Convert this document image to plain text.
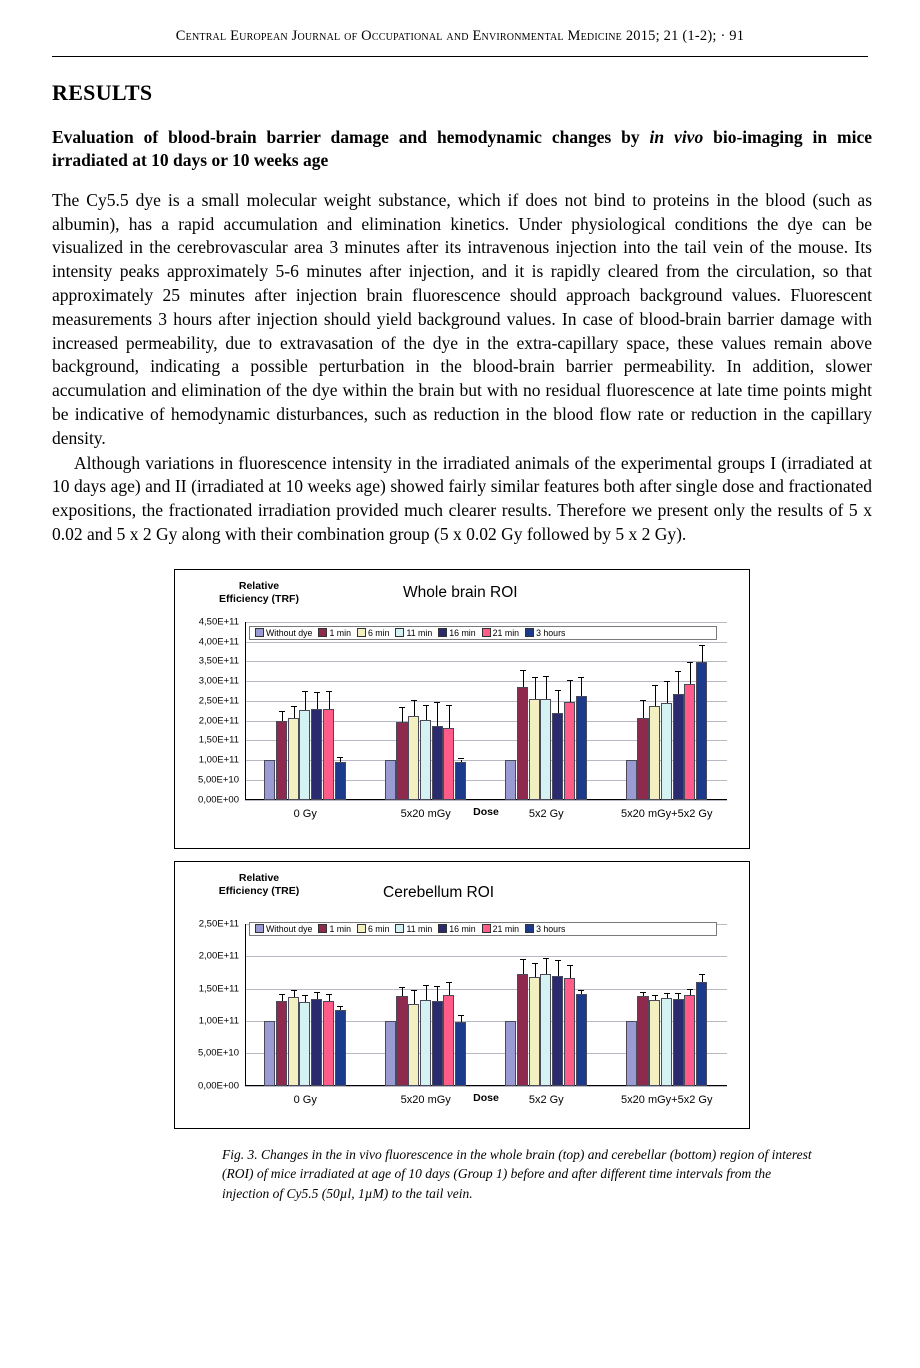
Central European Journal of Occupational and Environmental Medicine 2015; 21 (1-2); · 91
RESULTS
Evaluation of blood-brain barrier damage and hemodynamic changes by in vivo bio-imaging in mice irradiated at 10 days or 10 weeks age

The Cy5.5 dye is a small molecular weight substance, which if does not bind to proteins in the blood (such as albumin), has a rapid accumulation and elimination kinetics. Under physiological conditions the dye can be visualized in the cerebrovascular area 3 minutes after its intravenous injection into the tail vein of the mouse. Its intensity peaks approximately 5-6 minutes after injection, and it is rapidly cleared from the circulation, so that approximately 25 minutes after injection brain fluorescence should approach background values. Fluorescent measurements 3 hours after injection should yield background values. In case of blood-brain barrier damage with increased permeability, due to extravasation of the dye in the extra-capillary space, these values remain above background, indicating a possible perturbation in the blood-brain barrier permeability. In addition, slower accumulation and elimination of the dye within the brain but with no residual fluorescence at late time points might be indicative of hemodynamic disturbances, such as reduction in the blood flow rate or reduction in the capillary density.

Although variations in fluorescence intensity in the irradiated animals of the experimental groups I (irradiated at 10 days age) and II (irradiated at 10 weeks age) showed fairly similar features both after single dose and fractionated expositions, the fractionated irradiation provided much clearer results. Therefore we present only the results of 5 x 0.02 and 5 x 2 Gy along with their combination group (5 x 0.02 Gy followed by 5 x 2 Gy).

Relative
Efficiency (TRF)	Whole brain ROI
0,00E+00
5,00E+10
1,00E+11
1,50E+11
2,00E+11
2,50E+11
3,00E+11
3,50E+11
4,00E+11
4,50E+11
Without dye 1 min 6 min 11 min 16 min 21 min 3 hours
0 Gy	5x20 mGy	5x2 Gy	5x20 mGy+5x2 Gy
Dose
Relative
Efficiency (TRE)	Cerebellum ROI
0,00E+00
5,00E+10
1,00E+11
1,50E+11
2,00E+11
2,50E+11	Without dye 1 min 6 min 11 min 16 min 21 min 3 hours
0 Gy	5x20 mGy	5x2 Gy	5x20 mGy+5x2 Gy
Dose
Fig. 3. Changes in the in vivo fluorescence in the whole brain (top) and cerebellar (bottom) region of interest (ROI) of mice irradiated at age of 10 days (Group 1) before and after different time intervals from the injection of Cy5.5 (50µl, 1µM) to the tail vein.
